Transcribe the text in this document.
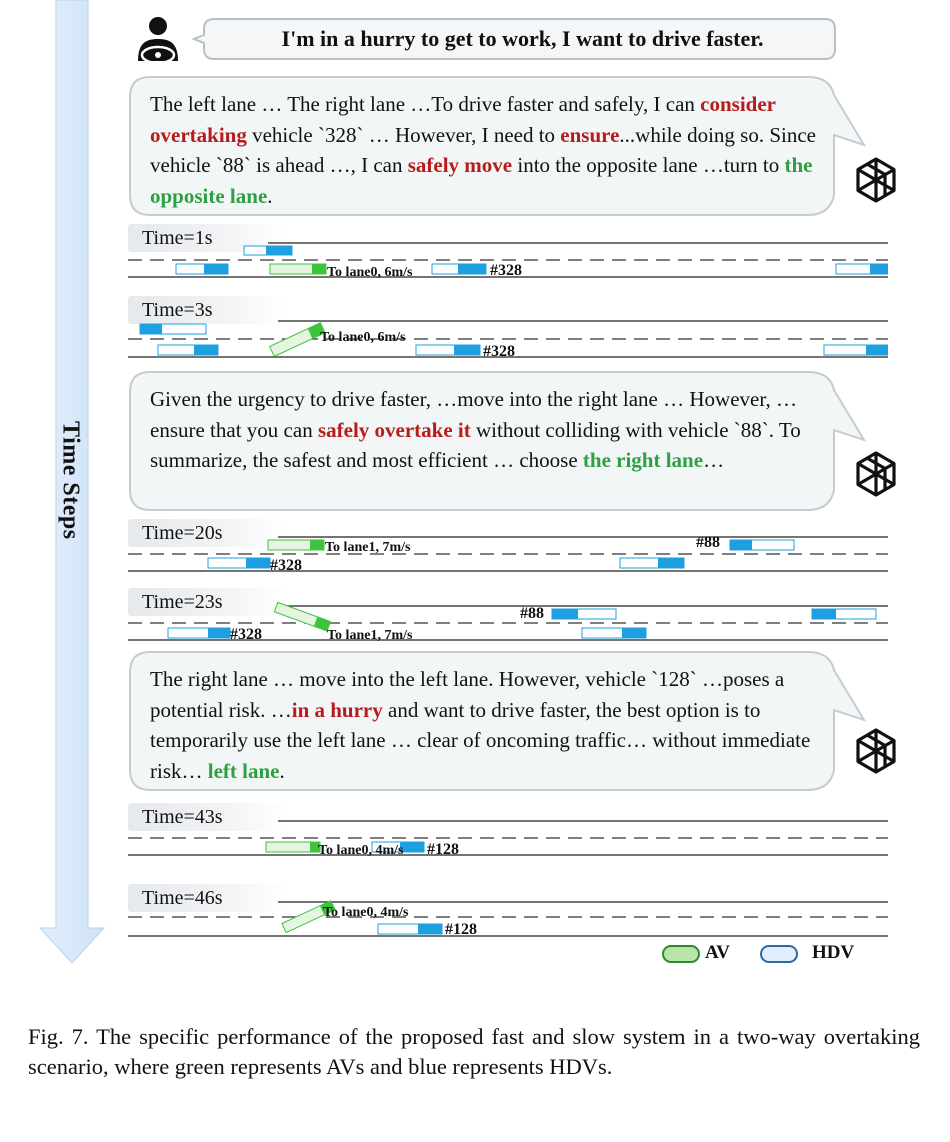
Time Steps
I'm in a hurry to get to work, I want to drive faster.
The left lane … The right lane …To drive faster and safely, I can consider overtaking vehicle `328` … However, I need to ensure...while doing so. Since vehicle `88` is ahead …, I can safely move into the opposite lane …turn to the opposite lane.
Given the urgency to drive faster, …move into the right lane … However, …ensure that you can safely overtake it without colliding with vehicle `88`. To summarize, the safest and most efficient … choose the right lane…
The right lane … move into the left lane. However, vehicle `128` …poses a potential risk. …in a hurry and want to drive faster, the best option is to temporarily use the left lane … clear of oncoming traffic… without immediate risk… left lane.
Time=1s
To lane0, 6m/s	#328
Time=3s
To lane0, 6m/s
#328
Time=20s
To lane1, 7m/s
#328
#88
Time=23s
To lane1, 7m/s
#328
#88
Time=43s
To lane0, 4m/s #128
Time=46s
To lane0, 4m/s
#128
AV	HDV
Fig. 7. The specific performance of the proposed fast and slow system in a two-way overtaking scenario, where green represents AVs and blue represents HDVs.
